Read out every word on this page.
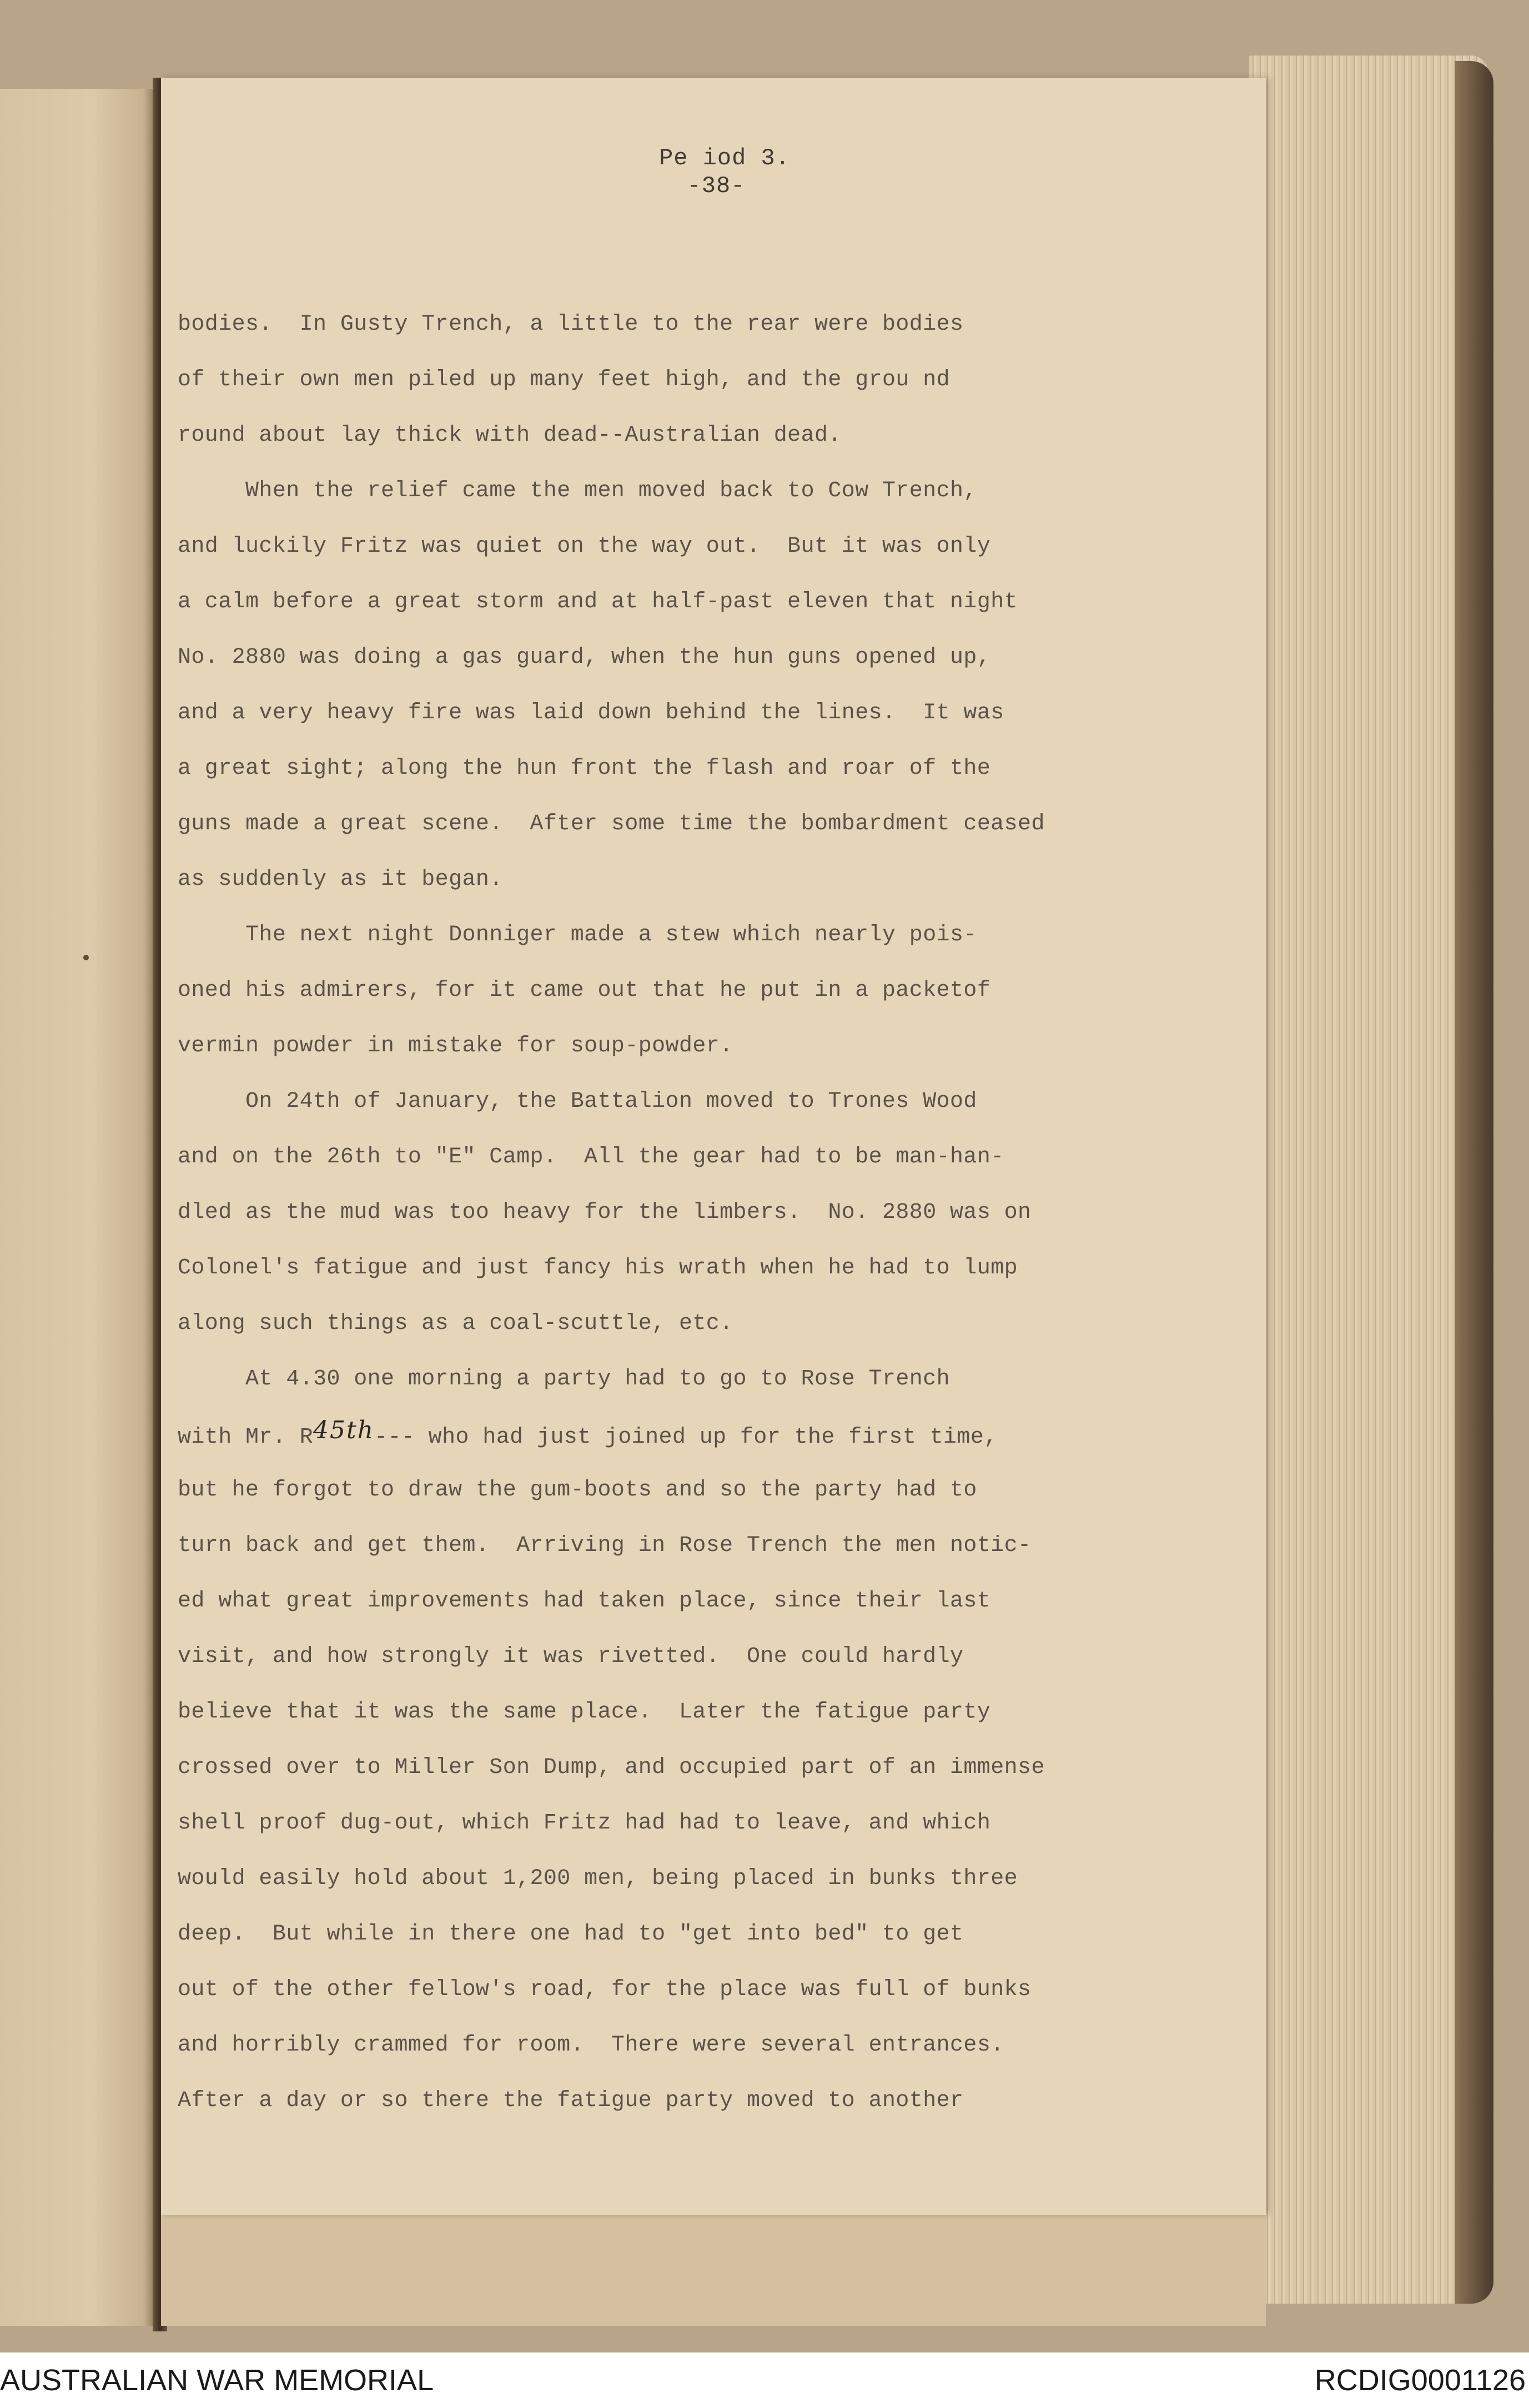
Pe iod 3.
-38-
bodies.  In Gusty Trench, a little to the rear were bodies
of their own men piled up many feet high, and the grou nd
round about lay thick with dead--Australian dead.
When the relief came the men moved back to Cow Trench,
and luckily Fritz was quiet on the way out.  But it was only
a calm before a great storm and at half-past eleven that night
No. 2880 was doing a gas guard, when the hun guns opened up,
and a very heavy fire was laid down behind the lines.  It was
a great sight; along the hun front the flash and roar of the
guns made a great scene.  After some time the bombardment ceased
as suddenly as it began.
The next night Donniger made a stew which nearly pois-
oned his admirers, for it came out that he put in a packetof
vermin powder in mistake for soup-powder.
On 24th of January, the Battalion moved to Trones Wood
and on the 26th to "E" Camp.  All the gear had to be man-han-
dled as the mud was too heavy for the limbers.  No. 2880 was on
Colonel's fatigue and just fancy his wrath when he had to lump
along such things as a coal-scuttle, etc.
At 4.30 one morning a party had to go to Rose Trench
with Mr. R45th--- who had just joined up for the first time,
but he forgot to draw the gum-boots and so the party had to
turn back and get them.  Arriving in Rose Trench the men notic-
ed what great improvements had taken place, since their last
visit, and how strongly it was rivetted.  One could hardly
believe that it was the same place.  Later the fatigue party
crossed over to Miller Son Dump, and occupied part of an immense
shell proof dug-out, which Fritz had had to leave, and which
would easily hold about 1,200 men, being placed in bunks three
deep.  But while in there one had to "get into bed" to get
out of the other fellow's road, for the place was full of bunks
and horribly crammed for room.  There were several entrances.
After a day or so there the fatigue party moved to another
AUSTRALIAN WAR MEMORIAL	RCDIG0001126
